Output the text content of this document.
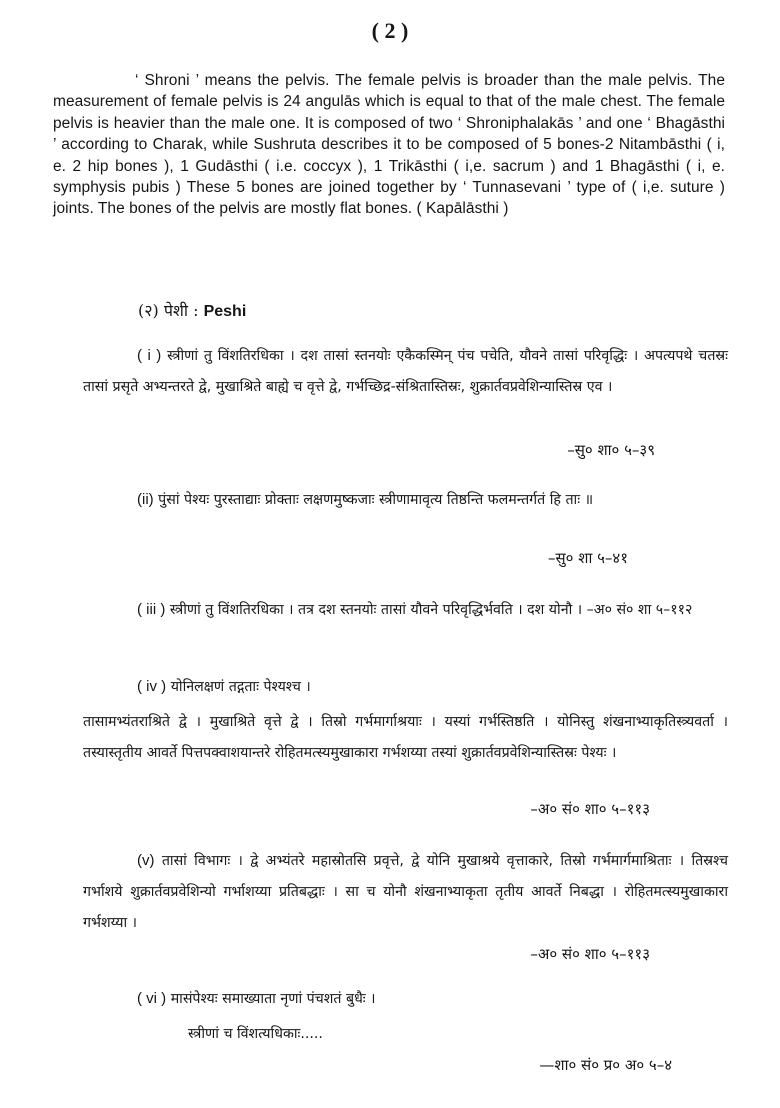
( 2 )

‘ Shroni ’ means the pelvis. The female pelvis is broader than the male pelvis. The measurement of female pelvis is 24 angulās which is equal to that of the male chest. The female pelvis is heavier than the male one. It is composed of two ‘ Shroniphalakās ’ and one ‘ Bhagāsthi ’ according to Charak, while Sushruta describes it to be composed of 5 bones-2 Nitambāsthi ( i, e. 2 hip bones ), 1 Gudāsthi ( i.e. coccyx ), 1 Trikāsthi ( i,e. sacrum ) and 1 Bhagāsthi ( i, e. symphysis pubis ) These 5 bones are joined together by ‘ Tunnasevani ’ type of ( i,e. suture ) joints. The bones of the pelvis are mostly flat bones. ( Kapālāsthi )

(२) पेशी : Peshi

( i ) स्त्रीणां तु विंशतिरधिका । दश तासां स्तनयोः एकैकस्मिन् पंच पचेति, यौवने तासां परिवृद्धिः । अपत्यपथे चतस्रः तासां प्रसृते अभ्यन्तरते द्वे, मुखाश्रिते बाह्ये च वृत्ते द्वे, गर्भच्छिद्र-संश्रितास्तिस्रः, शुक्रार्तवप्रवेशिन्यास्तिस्र एव ।

–सु० शा० ५–३९

(ii) पुंसां पेश्यः पुरस्ताद्याः प्रोक्ताः लक्षणमुष्कजाः स्त्रीणामावृत्य तिष्ठन्ति फलमन्तर्गतं हि ताः ॥

–सु० शा ५–४१

( iii ) स्त्रीणां तु विंशतिरधिका । तत्र दश स्तनयोः तासां यौवने परिवृद्धिर्भवति । दश योनौ । –अ० सं० शा ५–११२

( iv ) योनिलक्षणं तद्गताः पेश्यश्च ।

तासामभ्यंतराश्रिते द्वे । मुखाश्रिते वृत्ते द्वे । तिस्रो गर्भमार्गाश्रयाः । यस्यां गर्भस्तिष्ठति । योनिस्तु शंखनाभ्याकृतिस्त्र्यवर्ता । तस्यास्तृतीय आवर्ते पित्तपक्वाशयान्तरे रोहितमत्स्यमुखाकारा गर्भशय्या तस्यां शुक्रार्तवप्रवेशिन्यास्तिस्रः पेश्यः ।

–अ० सं० शा० ५–११३

(v) तासां विभागः । द्वे अभ्यंतरे महास्रोतसि प्रवृत्ते, द्वे योनि मुखाश्रये वृत्ताकारे, तिस्रो गर्भमार्गमाश्रिताः । तिस्रश्च गर्भाशये शुक्रार्तवप्रवेशिन्यो गर्भाशय्या प्रतिबद्धाः । सा च योनौ शंखनाभ्याकृता तृतीय आवर्ते निबद्धा । रोहितमत्स्यमुखाकारा गर्भशय्या ।

–अ० सं० शा० ५–११३

( vi ) मासंपेश्यः समाख्याता नृणां पंचशतं बुधैः ।

स्त्रीणां च विंशत्यधिकाः.....

—शा० सं० प्र० अ० ५–४
